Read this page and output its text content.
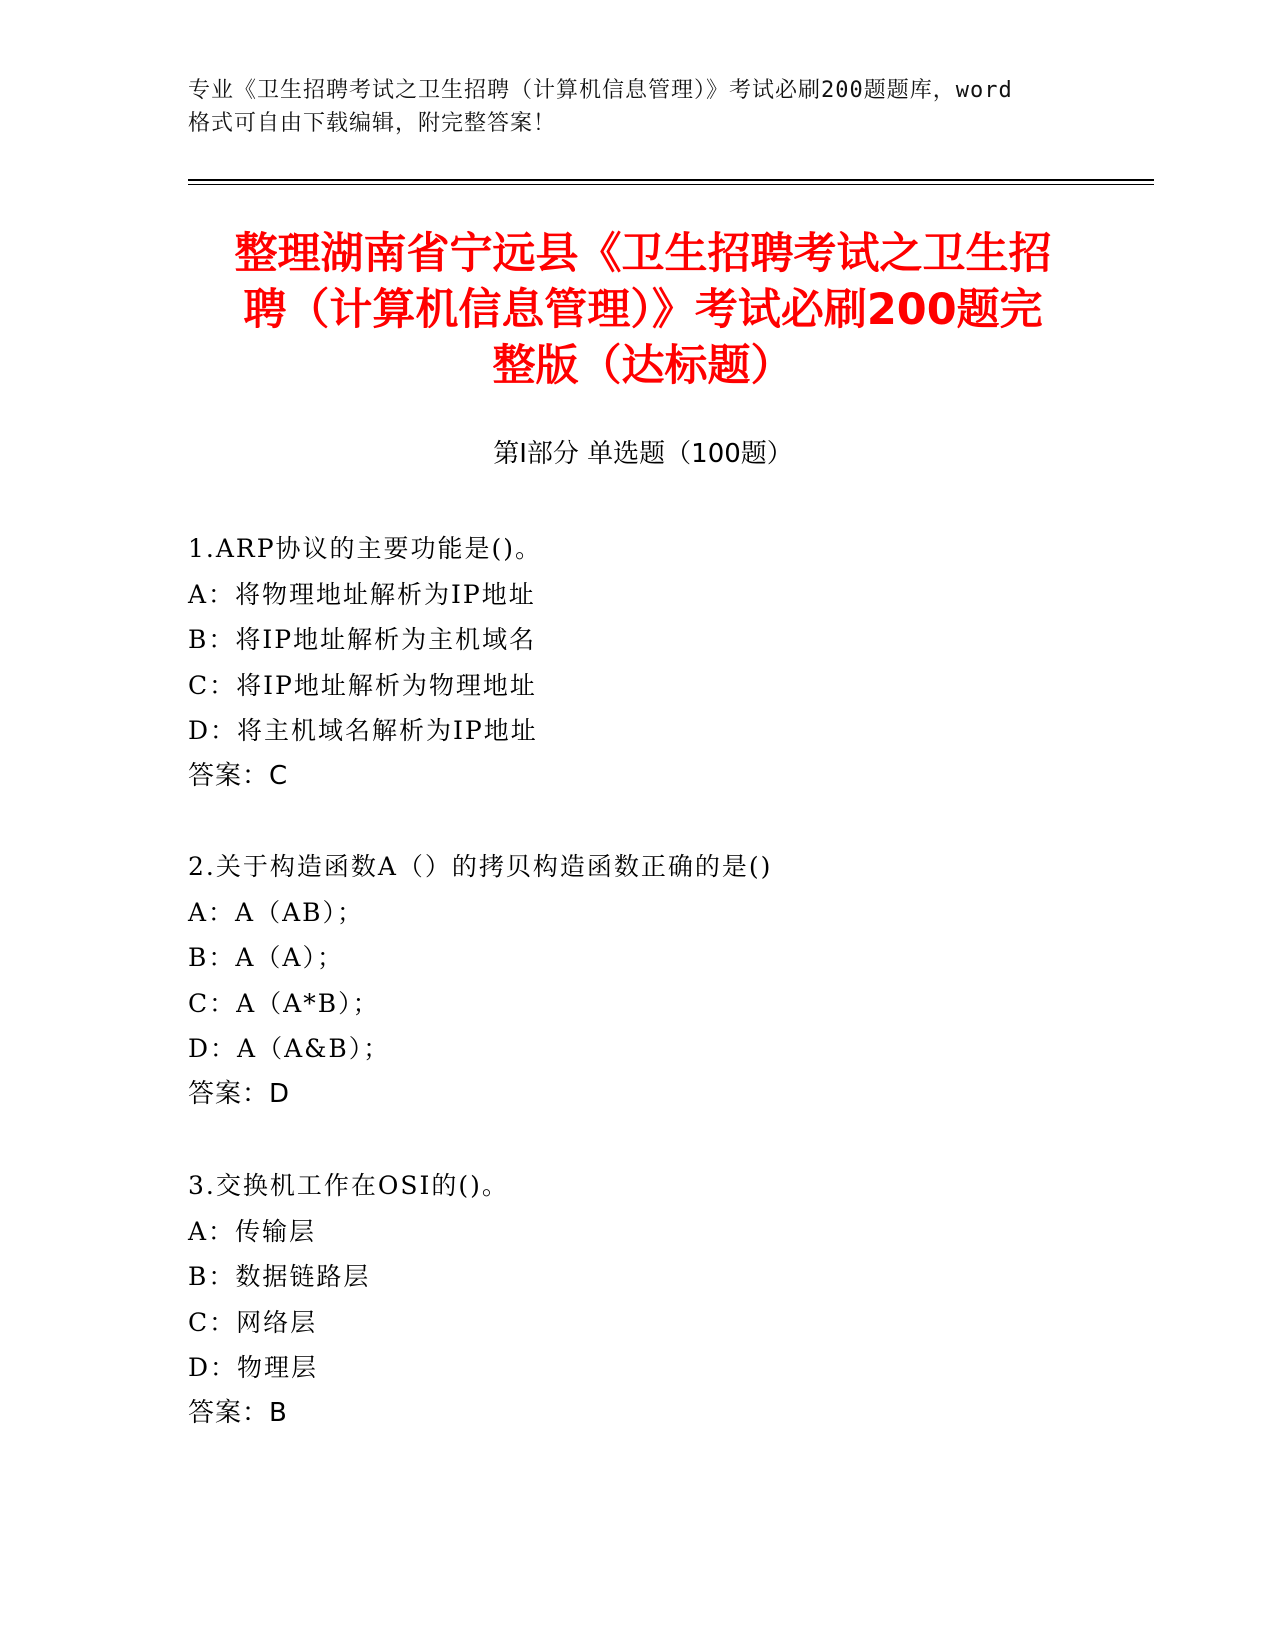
专业《卫生招聘考试之卫生招聘（计算机信息管理）》考试必刷200题题库，word
格式可自由下载编辑，附完整答案！
整理湖南省宁远县《卫生招聘考试之卫生招
聘（计算机信息管理）》考试必刷200题完
整版（达标题）
第Ⅰ部分 单选题（100题）
1.ARP协议的主要功能是()。
A：将物理地址解析为IP地址
B：将IP地址解析为主机域名
C：将IP地址解析为物理地址
D：将主机域名解析为IP地址
答案：C
2.关于构造函数A（）的拷贝构造函数正确的是()
A：A（AB）；
B：A（A）；
C：A（A*B）；
D：A（A&B）；
答案：D
3.交换机工作在OSI的()。
A：传输层
B：数据链路层
C：网络层
D：物理层
答案：B
